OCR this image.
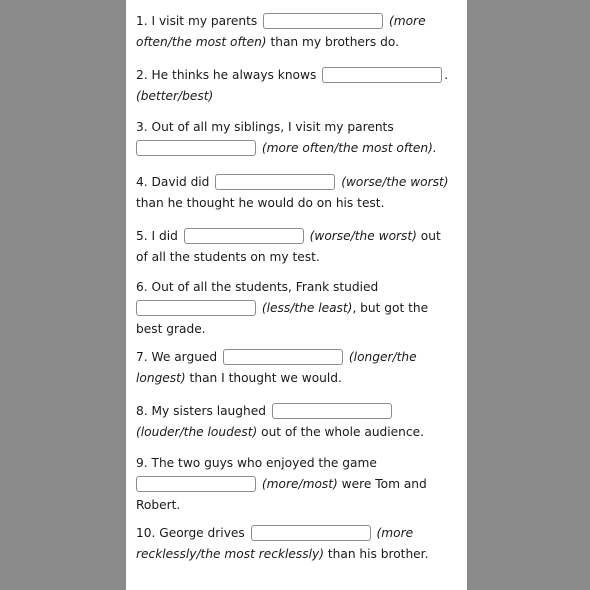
1. I visit my parents	(more
often/the most often) than my brothers do.
2. He thinks he always knows	.
(better/best)
3. Out of all my siblings, I visit my parents
(more often/the most often).
4. David did	(worse/the worst)
than he thought he would do on his test.
5. I did	(worse/the worst) out
of all the students on my test.
6. Out of all the students, Frank studied
(less/the least), but got the
best grade.
7. We argued	(longer/the
longest) than I thought we would.
8. My sisters laughed
(louder/the loudest) out of the whole audience.
9. The two guys who enjoyed the game
(more/most) were Tom and
Robert.
10. George drives	(more
recklessly/the most recklessly) than his brother.
